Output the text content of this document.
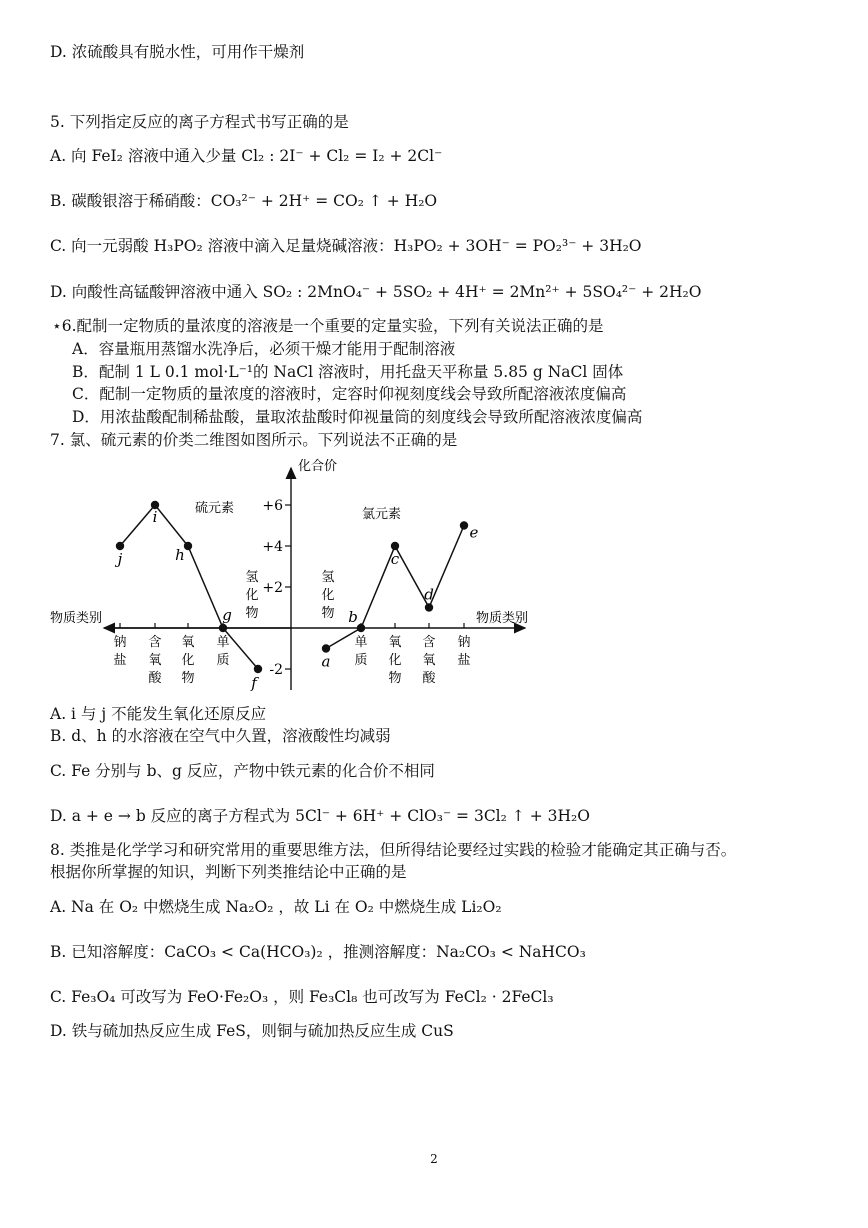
D. 浓硫酸具有脱水性，可用作干燥剂
5. 下列指定反应的离子方程式书写正确的是
A. 向 FeI₂ 溶液中通入少量 Cl₂ : 2I⁻ + Cl₂ = I₂ + 2Cl⁻
B. 碳酸银溶于稀硝酸：CO₃²⁻ + 2H⁺ = CO₂ ↑ + H₂O
C. 向一元弱酸 H₃PO₂ 溶液中滴入足量烧碱溶液：H₃PO₂ + 3OH⁻ = PO₂³⁻ + 3H₂O
D. 向酸性高锰酸钾溶液中通入 SO₂ : 2MnO₄⁻ + 5SO₂ + 4H⁺ = 2Mn²⁺ + 5SO₄²⁻ + 2H₂O
⋆6.配制一定物质的量浓度的溶液是一个重要的定量实验，下列有关说法正确的是
A．容量瓶用蒸馏水洗净后，必须干燥才能用于配制溶液
B．配制 1 L 0.1 mol·L⁻¹的 NaCl 溶液时，用托盘天平称量 5.85 g NaCl 固体
C．配制一定物质的量浓度的溶液时，定容时仰视刻度线会导致所配溶液浓度偏高
D．用浓盐酸配制稀盐酸，量取浓盐酸时仰视量筒的刻度线会导致所配溶液浓度偏高
7. 氯、硫元素的价类二维图如图所示。下列说法不正确的是
化合价
物质类别	物质类别
硫元素	氯元素
+6
+4
+2
-2
钠
盐
含
氧
酸
氧
化
物
单
质
单
质
氧
化
物
含
氧
酸
钠
盐
氢
化
物
氢
化
物
j
i
h
g
f
a
b
c
d
e
A. i 与 j 不能发生氧化还原反应
B. d、h 的水溶液在空气中久置，溶液酸性均减弱
C. Fe 分别与 b、g 反应，产物中铁元素的化合价不相同
D. a + e → b 反应的离子方程式为 5Cl⁻ + 6H⁺ + ClO₃⁻ = 3Cl₂ ↑ + 3H₂O
8. 类推是化学学习和研究常用的重要思维方法，但所得结论要经过实践的检验才能确定其正确与否。
根据你所掌握的知识，判断下列类推结论中正确的是
A. Na 在 O₂ 中燃烧生成 Na₂O₂ ，故 Li 在 O₂ 中燃烧生成 Li₂O₂
B. 已知溶解度：CaCO₃ < Ca(HCO₃)₂ ，推测溶解度：Na₂CO₃ < NaHCO₃
C. Fe₃O₄ 可改写为 FeO·Fe₂O₃ ，则 Fe₃Cl₈ 也可改写为 FeCl₂ · 2FeCl₃
D. 铁与硫加热反应生成 FeS，则铜与硫加热反应生成 CuS
2
